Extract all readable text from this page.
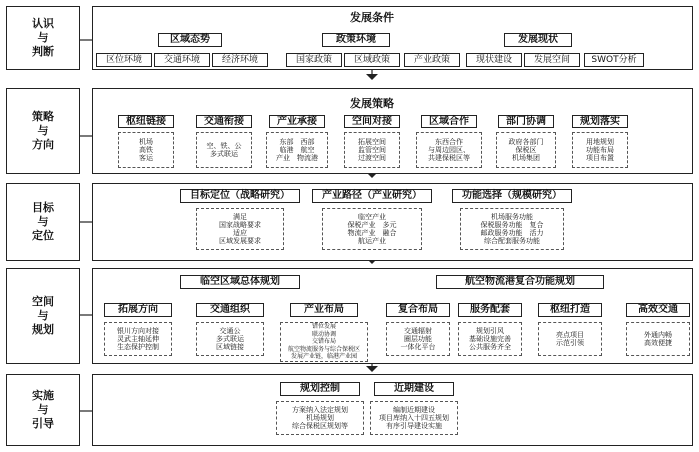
认识
与
判断
策略
与
方向
目标
与
定位
空间
与
规划
实施
与
引导
发展条件
区域态势	政策环境	发展现状
区位环境	交通环境	经济环境	国家政策	区域政策	产业政策	现状建设	发展空间	SWOT分析
发展策略
枢纽链接	交通衔接	产业承接	空间对接	区域合作	部门协调	规划落实
机场
高铁
客运
空、铁、公
多式联运
东部　西部
临港　航空
产业　物流港
拓展空间
监管空间
过渡空间
东西合作
与周边园区、
共建保税区等
政府各部门
保税区
机场集团
用地规划
功能布局
项目布置
目标定位（战略研究）	产业路径（产业研究）	功能选择（规模研究）
满足
国家战略要求
适应
区域发展要求
临空产业　　
保税产业　多元
物流产业　融合
航运产业　　
机场服务功能　　
保税服务功能　复合
邮政服务功能　活力
综合配套服务功能　
临空区域总体规划	航空物流港复合功能规划
拓展方向	交通组织	产业布局	复合布局	服务配套	枢纽打造	高效交通
银川方向对接
灵武主轴延伸
生态保护控制
交通公
多式联运
区域链接
错位发展
联动协调
交错布局
航空物流服务与综合保税区
发展产业链，临港产业园
交通辐射
圈层功能
一体化平台
规划引风
基础设施完善
公共服务齐全
亮点项目
示范引领
外通内畅
高效便捷
规划控制	近期建设
方案纳入法定规划
机场规划
综合保税区规划等
编制近期建设
项目库纳入十四五规划
有序引导建设实施
